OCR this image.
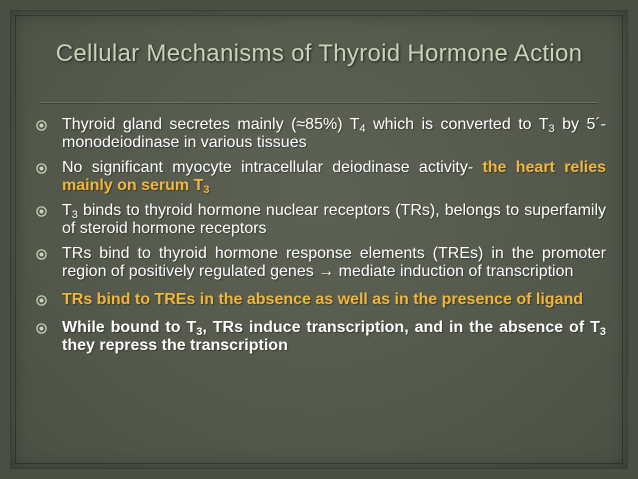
Cellular Mechanisms of Thyroid Hormone Action
Thyroid gland secretes mainly (≈85%) $T_4$ which is converted to $T_3$ by 5´-monodeiodinase in various tissues
No significant myocyte intracellular deiodinase activity- the heart relies mainly on serum $T_3$
$T_3$ binds to thyroid hormone nuclear receptors (TRs), belongs to superfamily of steroid hormone receptors
TRs bind to thyroid hormone response elements (TREs) in the promoter region of positively regulated genes → mediate induction of transcription
TRs bind to TREs in the absence as well as in the presence of ligand
While bound to $T_3$, TRs induce transcription, and in the absence of $T_3$ they repress the transcription
